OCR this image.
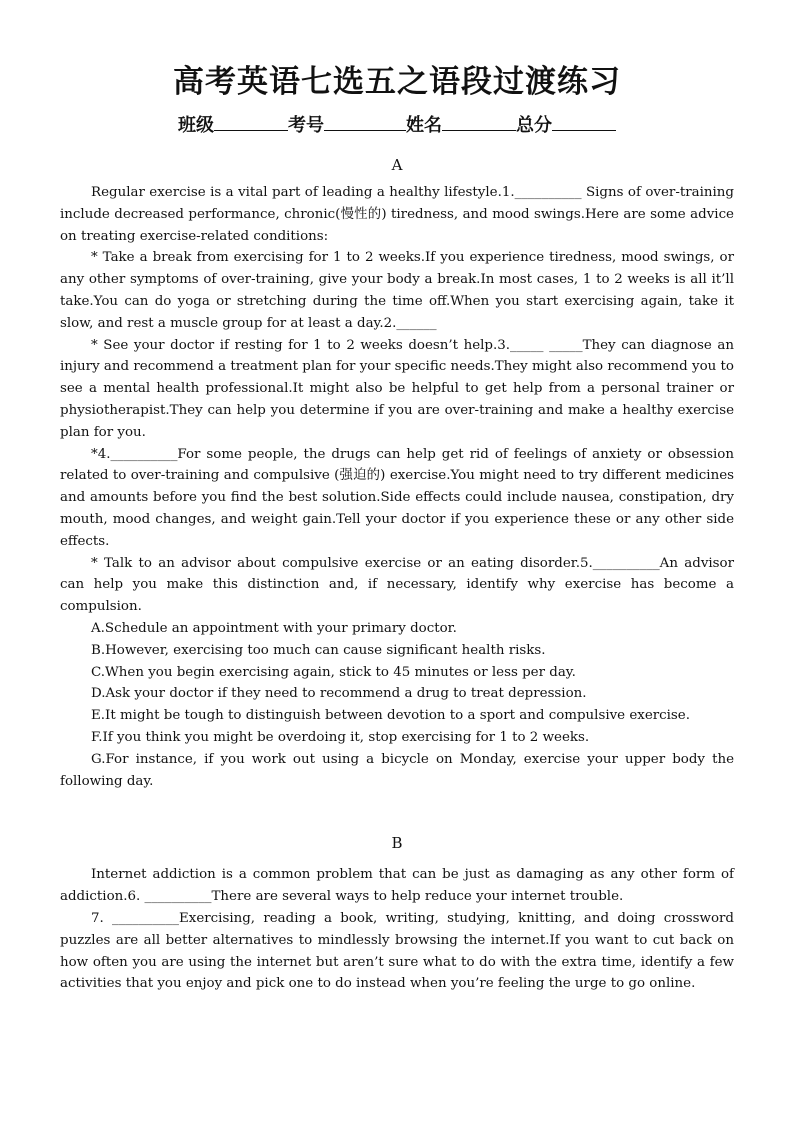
高考英语七选五之语段过渡练习
班级	考号	姓名	总分
A

Regular exercise is a vital part of leading a healthy lifestyle.1.__________ Signs of over-training include decreased performance, chronic(慢性的) tiredness, and mood swings.Here are some advice on treating exercise-related conditions:

* Take a break from exercising for 1 to 2 weeks.If you experience tiredness, mood swings, or any other symptoms of over-training, give your body a break.In most cases, 1 to 2 weeks is all it’ll take.You can do yoga or stretching during the time off.When you start exercising again, take it slow, and rest a muscle group for at least a day.2.______

* See your doctor if resting for 1 to 2 weeks doesn’t help.3._____ _____They can diagnose an injury and recommend a treatment plan for your specific needs.They might also recommend you to see a mental health professional.It might also be helpful to get help from a personal trainer or physiotherapist.They can help you determine if you are over-training and make a healthy exercise plan for you.

*4.__________For some people, the drugs can help get rid of feelings of anxiety or obsession related to over-training and compulsive (强迫的) exercise.You might need to try different medicines and amounts before you find the best solution.Side effects could include nausea, constipation, dry mouth, mood changes, and weight gain.Tell your doctor if you experience these or any other side effects.

* Talk to an advisor about compulsive exercise or an eating disorder.5.__________An advisor can help you make this distinction and, if necessary, identify why exercise has become a compulsion.

A.Schedule an appointment with your primary doctor.

B.However, exercising too much can cause significant health risks.

C.When you begin exercising again, stick to 45 minutes or less per day.

D.Ask your doctor if they need to recommend a drug to treat depression.

E.It might be tough to distinguish between devotion to a sport and compulsive exercise.

F.If you think you might be overdoing it, stop exercising for 1 to 2 weeks.

G.For instance, if you work out using a bicycle on Monday, exercise your upper body the following day.

B

Internet addiction is a common problem that can be just as damaging as any other form of addiction.6. __________There are several ways to help reduce your internet trouble.

7. __________Exercising, reading a book, writing, studying, knitting, and doing crossword puzzles are all better alternatives to mindlessly browsing the internet.If you want to cut back on how often you are using the internet but aren’t sure what to do with the extra time, identify a few activities that you enjoy and pick one to do instead when you’re feeling the urge to go online.
